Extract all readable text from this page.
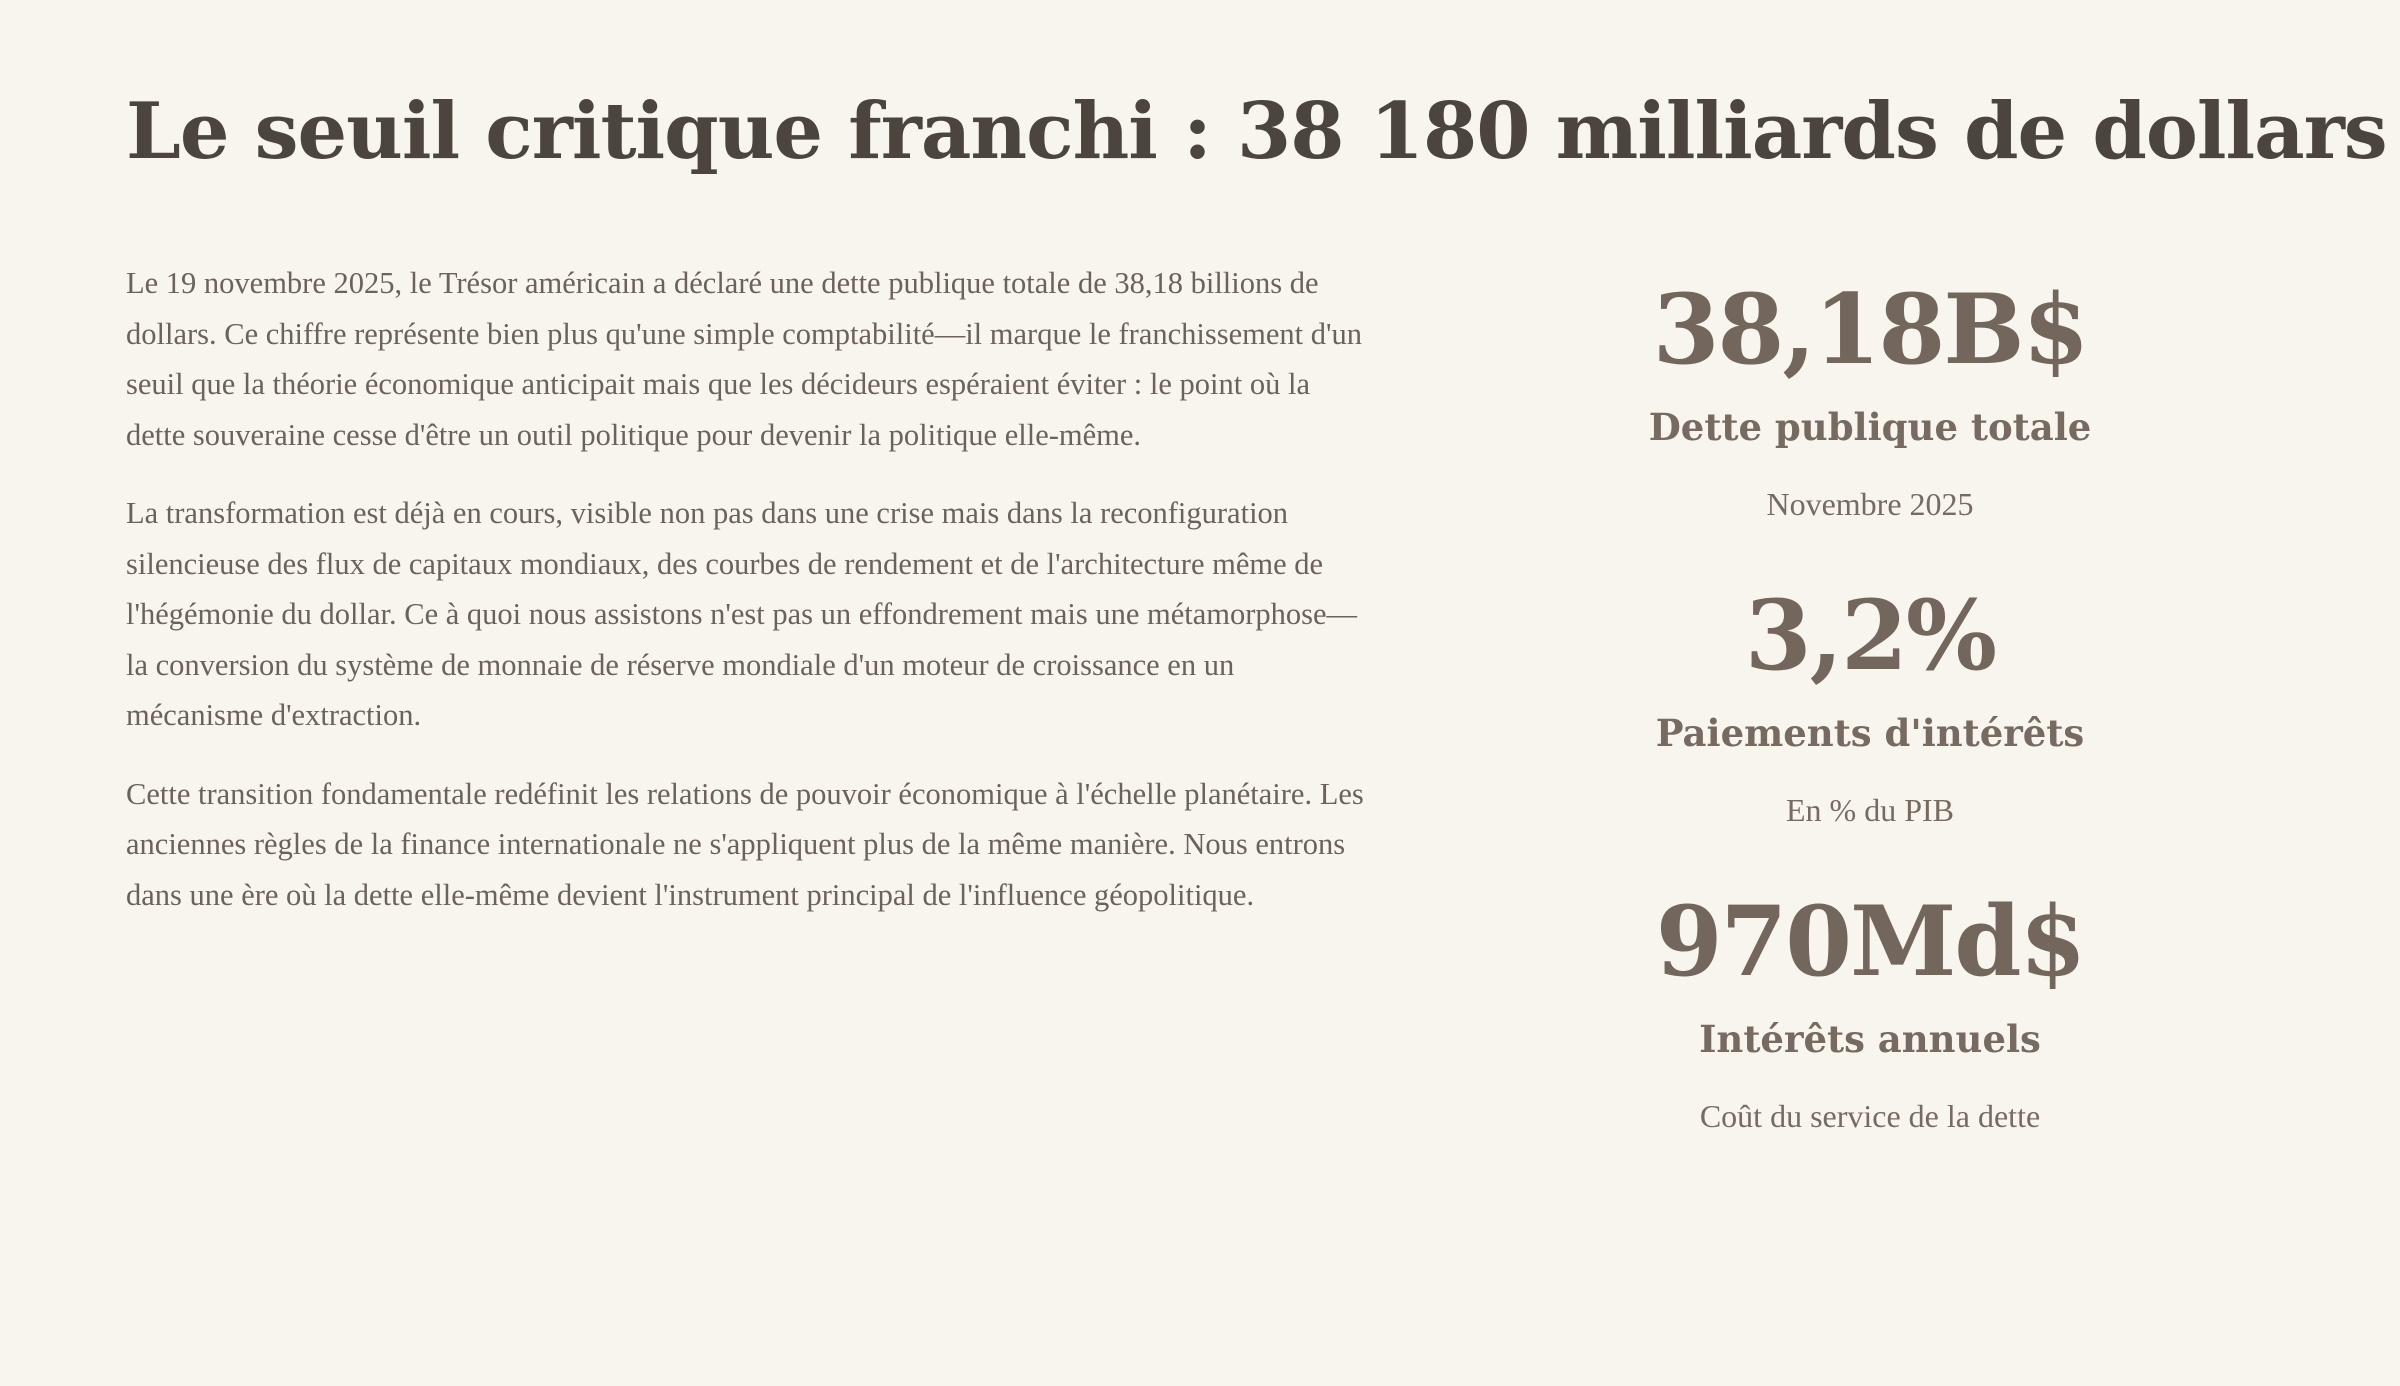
Le seuil critique franchi : 38 180 milliards de dollars

Le 19 novembre 2025, le Trésor américain a déclaré une dette publique totale de 38,18 billions de dollars. Ce chiffre représente bien plus qu'une simple comptabilité—il marque le franchissement d'un seuil que la théorie économique anticipait mais que les décideurs espéraient éviter : le point où la dette souveraine cesse d'être un outil politique pour devenir la politique elle-même.

La transformation est déjà en cours, visible non pas dans une crise mais dans la reconfiguration silencieuse des flux de capitaux mondiaux, des courbes de rendement et de l'architecture même de l'hégémonie du dollar. Ce à quoi nous assistons n'est pas un effondrement mais une métamorphose—la conversion du système de monnaie de réserve mondiale d'un moteur de croissance en un mécanisme d'extraction.

Cette transition fondamentale redéfinit les relations de pouvoir économique à l'échelle planétaire. Les anciennes règles de la finance internationale ne s'appliquent plus de la même manière. Nous entrons dans une ère où la dette elle-même devient l'instrument principal de l'influence géopolitique.

38,18B$
Dette publique totale
Novembre 2025
3,2%
Paiements d'intérêts
En % du PIB
970Md$
Intérêts annuels
Coût du service de la dette
